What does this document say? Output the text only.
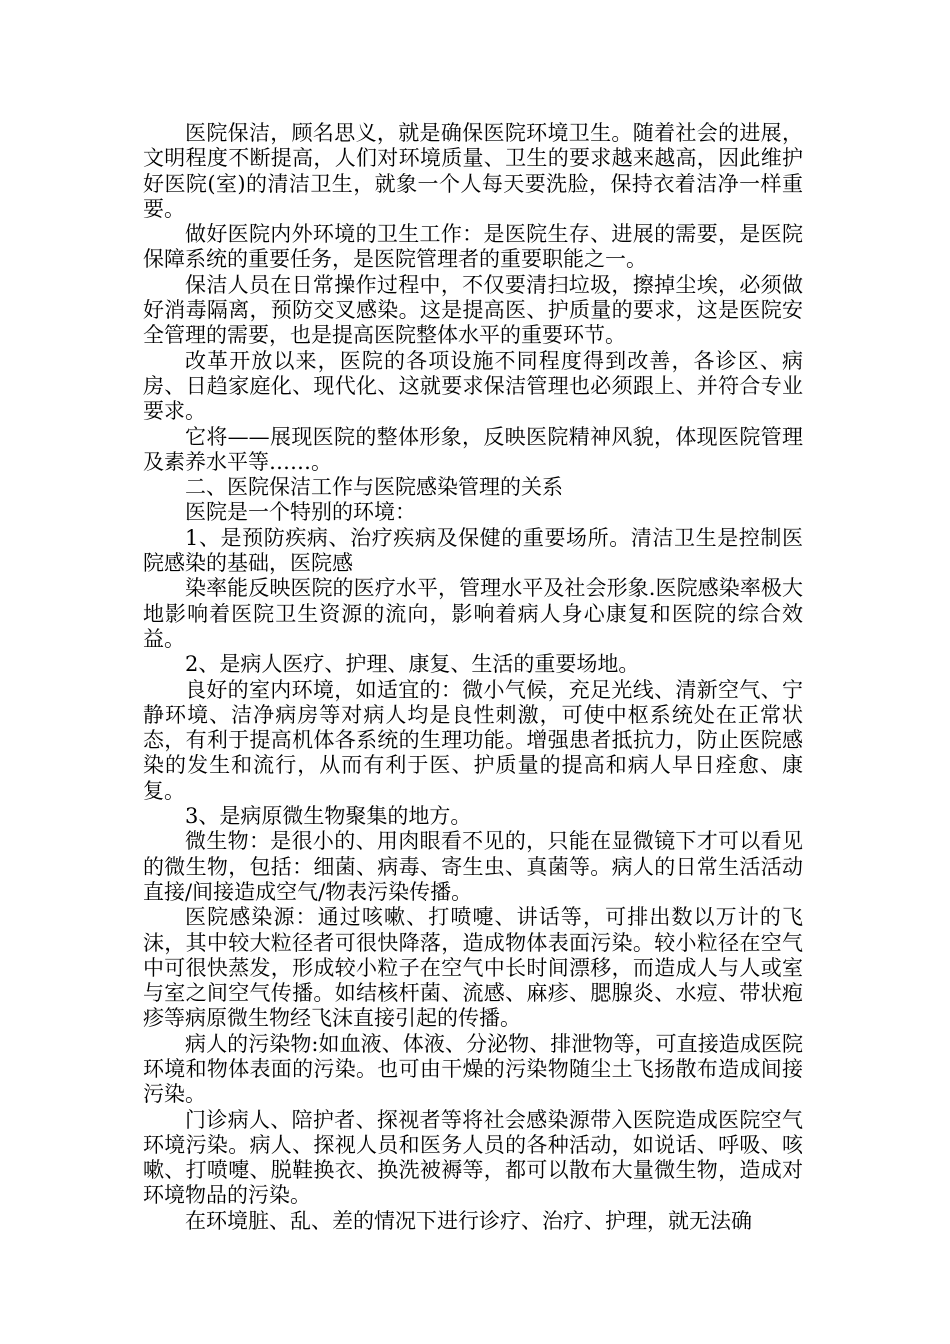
医院保洁，顾名思义，就是确保医院环境卫生。随着社会的进展，文明程度不断提高，人们对环境质量、卫生的要求越来越高，因此维护好医院(室)的清洁卫生，就象一个人每天要洗脸，保持衣着洁净一样重要。

做好医院内外环境的卫生工作：是医院生存、进展的需要，是医院保障系统的重要任务，是医院管理者的重要职能之一。

保洁人员在日常操作过程中，不仅要清扫垃圾，擦掉尘埃，必须做好消毒隔离，预防交叉感染。这是提高医、护质量的要求，这是医院安全管理的需要，也是提高医院整体水平的重要环节。

改革开放以来，医院的各项设施不同程度得到改善，各诊区、病房、日趋家庭化、现代化、这就要求保洁管理也必须跟上、并符合专业要求。

它将——展现医院的整体形象，反映医院精神风貌，体现医院管理及素养水平等……。

二、医院保洁工作与医院感染管理的关系

医院是一个特别的环境：

1、是预防疾病、治疗疾病及保健的重要场所。清洁卫生是控制医院感染的基础，医院感

染率能反映医院的医疗水平，管理水平及社会形象.医院感染率极大地影响着医院卫生资源的流向，影响着病人身心康复和医院的综合效益。

2、是病人医疗、护理、康复、生活的重要场地。

良好的室内环境，如适宜的：微小气候，充足光线、清新空气、宁静环境、洁净病房等对病人均是良性刺激，可使中枢系统处在正常状态，有利于提高机体各系统的生理功能。增强患者抵抗力，防止医院感染的发生和流行，从而有利于医、护质量的提高和病人早日痊愈、康复。

3、是病原微生物聚集的地方。

微生物：是很小的、用肉眼看不见的，只能在显微镜下才可以看见的微生物，包括：细菌、病毒、寄生虫、真菌等。病人的日常生活活动直接/间接造成空气/物表污染传播。

医院感染源：通过咳嗽、打喷嚏、讲话等，可排出数以万计的飞沫，其中较大粒径者可很快降落，造成物体表面污染。较小粒径在空气中可很快蒸发，形成较小粒子在空气中长时间漂移，而造成人与人或室与室之间空气传播。如结核杆菌、流感、麻疹、腮腺炎、水痘、带状疱疹等病原微生物经飞沫直接引起的传播。

病人的污染物:如血液、体液、分泌物、排泄物等，可直接造成医院环境和物体表面的污染。也可由干燥的污染物随尘土飞扬散布造成间接污染。

门诊病人、陪护者、探视者等将社会感染源带入医院造成医院空气环境污染。病人、探视人员和医务人员的各种活动，如说话、呼吸、咳嗽、打喷嚏、脱鞋换衣、换洗被褥等，都可以散布大量微生物，造成对环境物品的污染。

在环境脏、乱、差的情况下进行诊疗、治疗、护理，就无法确
